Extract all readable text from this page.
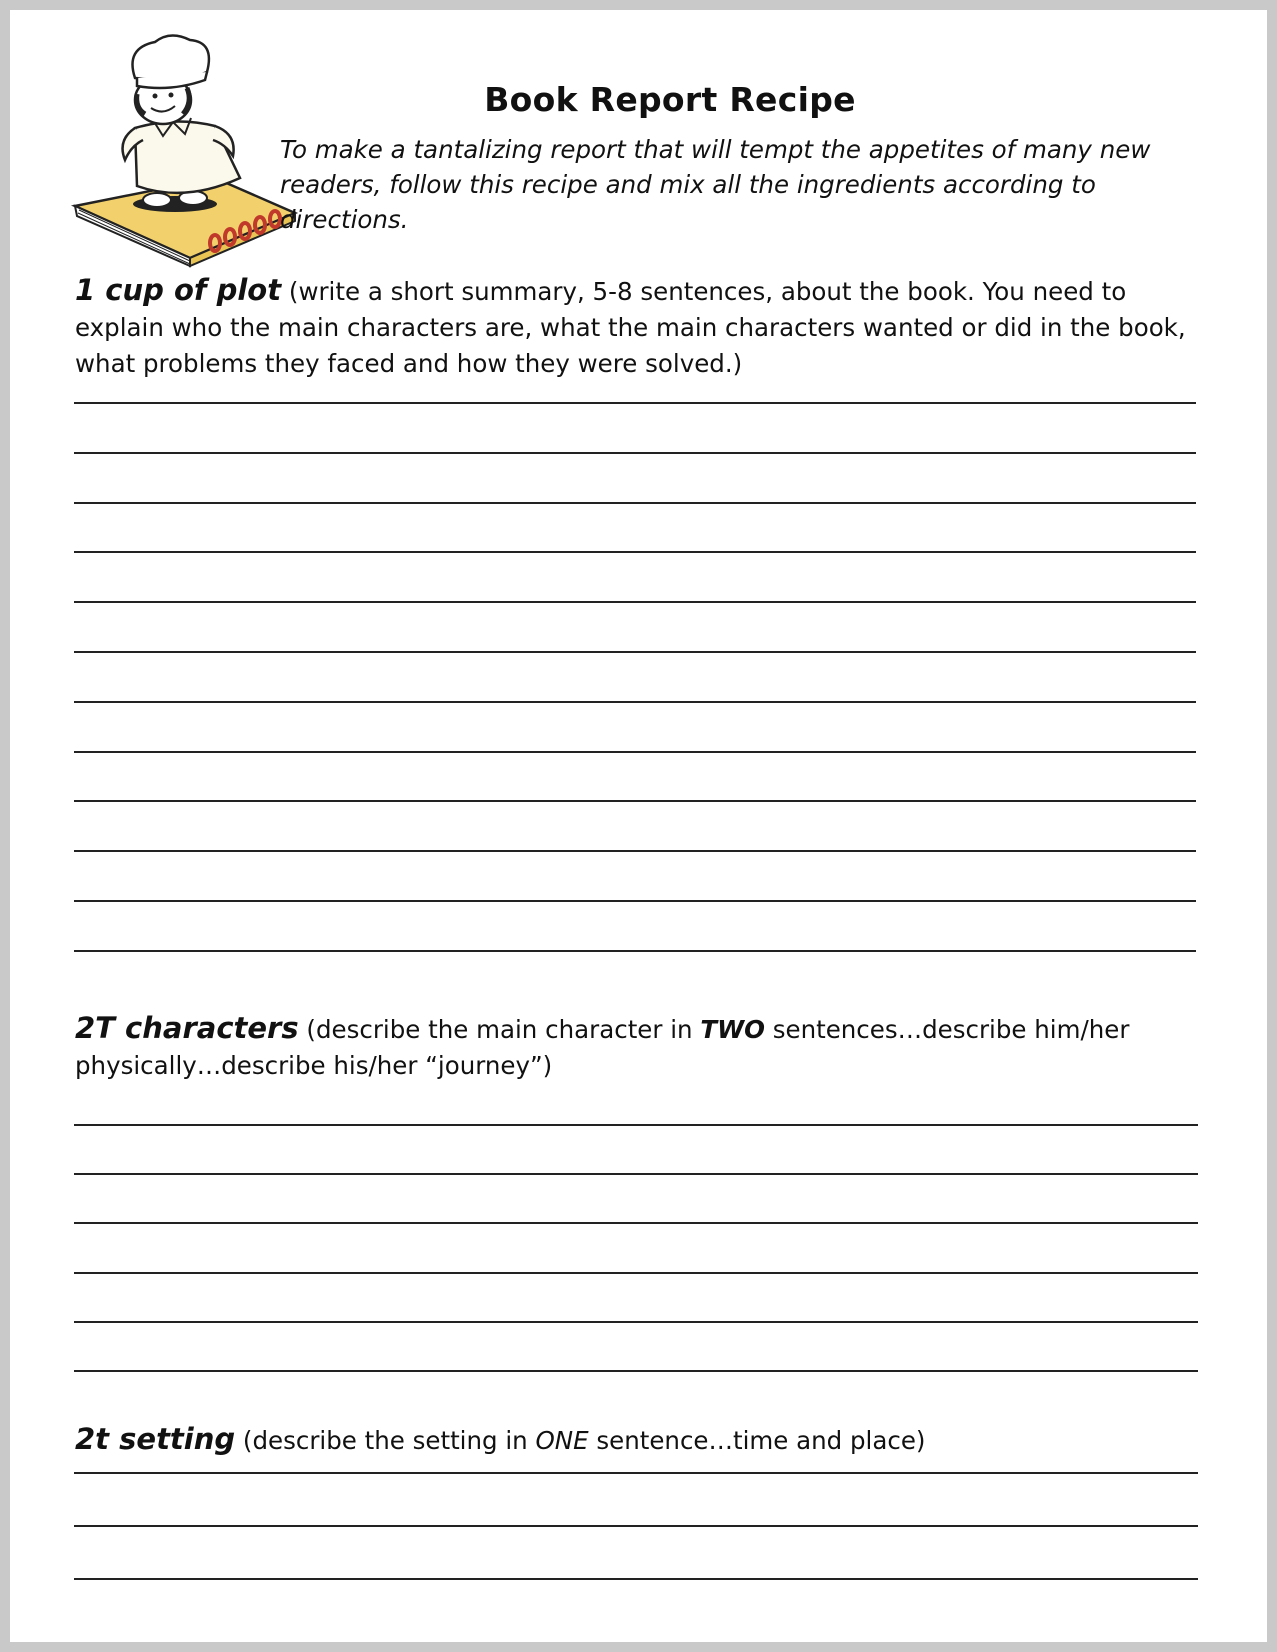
Book Report Recipe
To make a tantalizing report that will tempt the appetites of many new readers, follow this recipe and mix all the ingredients according to directions.
1 cup of plot (write a short summary, 5-8 sentences, about the book. You need to explain who the main characters are, what the main characters wanted or did in the book, what problems they faced and how they were solved.)
2T characters (describe the main character in TWO sentences…describe him/her physically…describe his/her “journey”)
2t setting (describe the setting in ONE sentence…time and place)
